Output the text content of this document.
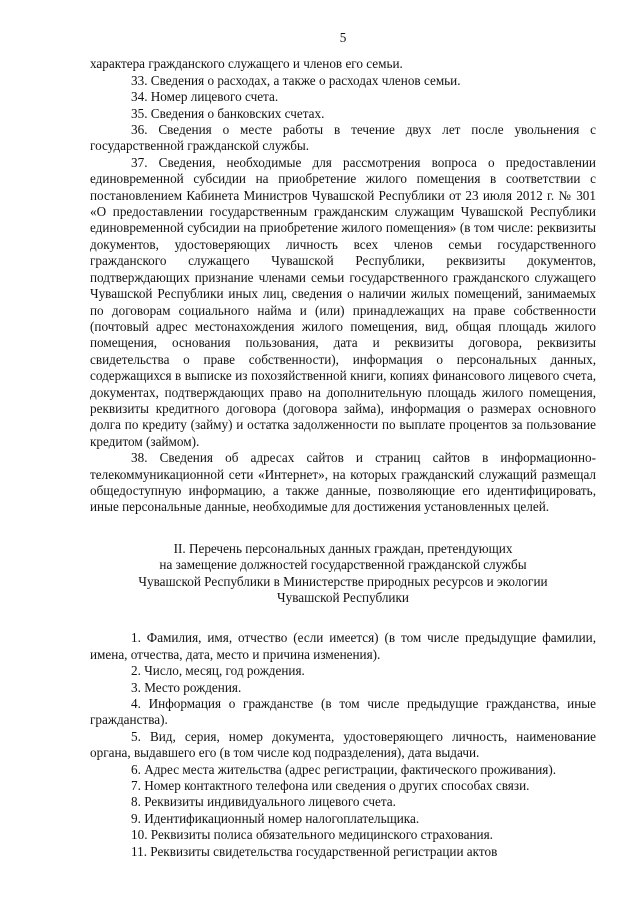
5

характера гражданского служащего и членов его семьи.

33. Сведения о расходах, а также о расходах членов семьи.

34. Номер лицевого счета.

35. Сведения о банковских счетах.

36. Сведения о месте работы в течение двух лет после увольнения с государственной гражданской службы.

37. Сведения, необходимые для рассмотрения вопроса о предоставлении единовременной субсидии на приобретение жилого помещения в соответствии с постановлением Кабинета Министров Чувашской Республики от 23 июля 2012 г. № 301 «О предоставлении государственным гражданским служащим Чувашской Республики единовременной субсидии на приобретение жилого помещения» (в том числе: реквизиты документов, удостоверяющих личность всех членов семьи государственного гражданского служащего Чувашской Республики, реквизиты документов, подтверждающих признание членами семьи государственного гражданского служащего Чувашской Республики иных лиц, сведения о наличии жилых помещений, занимаемых по договорам социального найма и (или) принадлежащих на праве собственности (почтовый адрес местонахождения жилого помещения, вид, общая площадь жилого помещения, основания пользования, дата и реквизиты договора, реквизиты свидетельства о праве собственности), информация о персональных данных, содержащихся в выписке из похозяйственной книги, копиях финансового лицевого счета, документах, подтверждающих право на дополнительную площадь жилого помещения, реквизиты кредитного договора (договора займа), информация о размерах основного долга по кредиту (займу) и остатка задолженности по выплате процентов за пользование кредитом (займом).

38. Сведения об адресах сайтов и страниц сайтов в информационно-телекоммуникационной сети «Интернет», на которых гражданский служащий размещал общедоступную информацию, а также данные, позволяющие его идентифицировать, иные персональные данные, необходимые для достижения установленных целей.

II. Перечень персональных данных граждан, претендующих
на замещение должностей государственной гражданской службы
Чувашской Республики в Министерстве природных ресурсов и экологии
Чувашской Республики

1. Фамилия, имя, отчество (если имеется) (в том числе предыдущие фамилии, имена, отчества, дата, место и причина изменения).

2. Число, месяц, год рождения.

3. Место рождения.

4. Информация о гражданстве (в том числе предыдущие гражданства, иные гражданства).

5. Вид, серия, номер документа, удостоверяющего личность, наименование органа, выдавшего его (в том числе код подразделения), дата выдачи.

6. Адрес места жительства (адрес регистрации, фактического проживания).

7. Номер контактного телефона или сведения о других способах связи.

8. Реквизиты индивидуального лицевого счета.

9. Идентификационный номер налогоплательщика.

10. Реквизиты полиса обязательного медицинского страхования.

11. Реквизиты свидетельства государственной регистрации актов
